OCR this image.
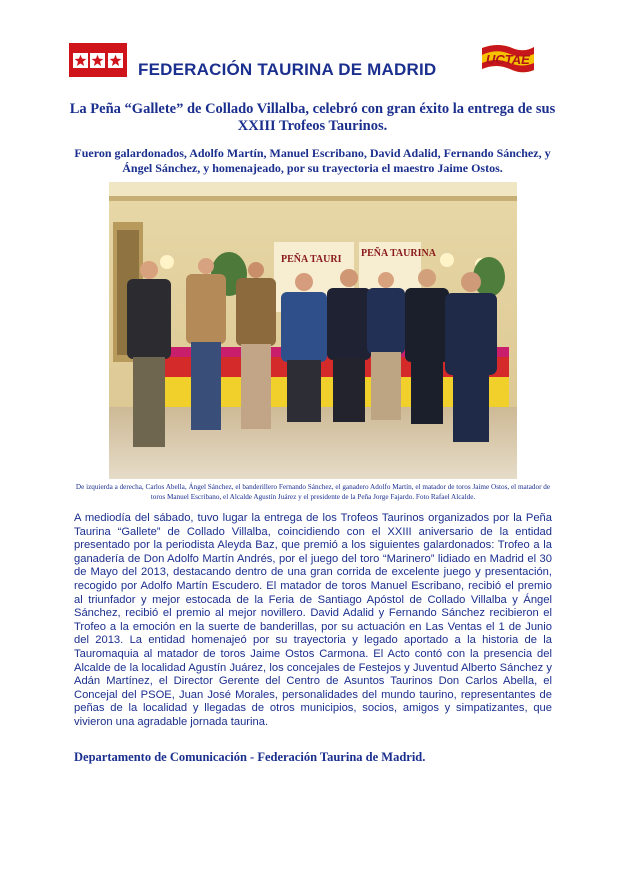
FEDERACIÓN TAURINA DE MADRID
UCTAE
La Peña “Gallete” de Collado Villalba, celebró con gran éxito la entrega de sus XXIII Trofeos Taurinos.
Fueron galardonados, Adolfo Martín, Manuel Escribano, David Adalid, Fernando Sánchez, y Ángel Sánchez, y homenajeado, por su trayectoria el maestro Jaime Ostos.
PEÑA TAURI
PEÑA TAURINA
De izquierda a derecha, Carlos Abella, Ángel Sánchez, el banderillero Fernando Sánchez, el ganadero Adolfo Martín, el matador de toros Jaime Ostos, el matador de toros Manuel Escribano, el Alcalde Agustín Juárez y el presidente de la Peña Jorge Fajardo. Foto Rafael Alcalde.
A mediodía del sábado, tuvo lugar la entrega de los Trofeos Taurinos organizados por la Peña Taurina “Gallete” de Collado Villalba, coincidiendo con el XXIII aniversario de la entidad presentado por la periodista Aleyda Baz, que premió a los siguientes galardonados: Trofeo a la ganadería de Don Adolfo Martín Andrés, por el juego del toro “Marinero” lidiado en Madrid el 30 de Mayo del 2013, destacando dentro de una gran corrida de excelente juego y presentación, recogido por Adolfo Martín Escudero. El matador de toros Manuel Escribano, recibió el premio al triunfador y mejor estocada de la Feria de Santiago Apóstol de Collado Villalba y Ángel Sánchez, recibió el premio al mejor novillero. David Adalid y Fernando Sánchez recibieron el Trofeo a la emoción en la suerte de banderillas, por su actuación en Las Ventas el 1 de Junio del 2013. La entidad homenajeó por su trayectoria y legado aportado a la historia de la Tauromaquia al matador de toros Jaime Ostos Carmona. El Acto contó con la presencia del Alcalde de la localidad Agustín Juárez, los concejales de Festejos y Juventud Alberto Sánchez y Adán Martínez, el Director Gerente del Centro de Asuntos Taurinos Don Carlos Abella, el Concejal del PSOE, Juan José Morales, personalidades del mundo taurino, representantes de peñas de la localidad y llegadas de otros municipios, socios, amigos y simpatizantes, que vivieron una agradable jornada taurina.
Departamento de Comunicación - Federación Taurina de Madrid.
